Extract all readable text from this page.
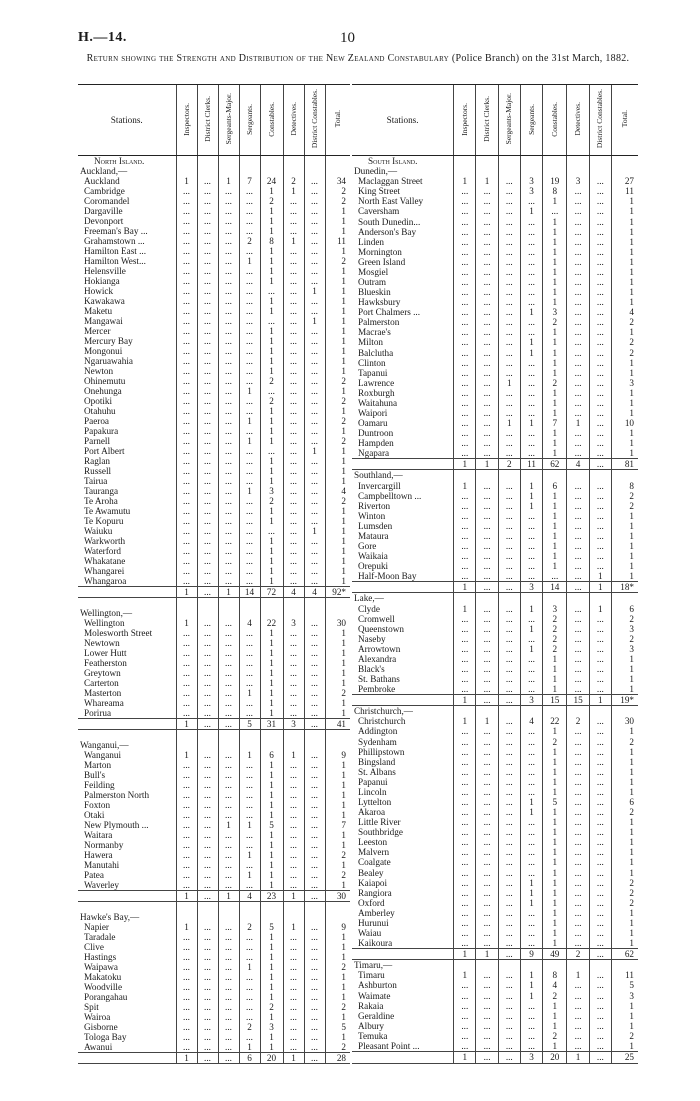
H.—14.	10
Return showing the Strength and Distribution of the New Zealand Constabulary (Police Branch) on the 31st March, 1882.
Stations.	Inspectors.	District Clerks.	Sergeants-Major.	Sergeants.	Constables.	Detectives.	District Constables.	Total.
North Island.								
Auckland,—								
Auckland	1	...	1	7	24	2	...	34
Cambridge	...	...	...	...	1	1	...	2
Coromandel	...	...	...	...	2	...	...	2
Dargaville	...	...	...	...	1	...	...	1
Devonport	...	...	...	...	1	...	...	1
Freeman's Bay ...	...	...	...	...	1	...	...	1
Grahamstown ...	...	...	...	2	8	1	...	11
Hamilton East ...	...	...	...	...	1	...	...	1
Hamilton West...	...	...	...	1	1	...	...	2
Helensville	...	...	...	...	1	...	...	1
Hokianga	...	...	...	...	1	...	...	1
Howick	...	...	...	...	...	...	1	1
Kawakawa	...	...	...	...	1	...	...	1
Maketu	...	...	...	...	1	...	...	1
Mangawai	...	...	...	...	...	...	1	1
Mercer	...	...	...	...	1	...	...	1
Mercury Bay	...	...	...	...	1	...	...	1
Mongonui	...	...	...	...	1	...	...	1
Ngaruawahia	...	...	...	...	1	...	...	1
Newton	...	...	...	...	1	...	...	1
Ohinemutu	...	...	...	...	2	...	...	2
Onehunga	...	...	...	1	...	...	...	1
Opotiki	...	...	...	...	2	...	...	2
Otahuhu	...	...	...	...	1	...	...	1
Paeroa	...	...	...	1	1	...	...	2
Papakura	...	...	...	...	1	...	...	1
Parnell	...	...	...	1	1	...	...	2
Port Albert	...	...	...	...	...	...	1	1
Raglan	...	...	...	...	1	...	...	1
Russell	...	...	...	...	1	...	...	1
Tairua	...	...	...	...	1	...	...	1
Tauranga	...	...	...	1	3	...	...	4
Te Aroha	...	...	...	...	2	...	...	2
Te Awamutu	...	...	...	...	1	...	...	1
Te Kopuru	...	...	...	...	1	...	...	1
Waiuku	...	...	...	...	...	...	1	1
Warkworth	...	...	...	...	1	...	...	1
Waterford	...	...	...	...	1	...	...	1
Whakatane	...	...	...	...	1	...	...	1
Whangarei	...	...	...	...	1	...	...	1
Whangaroa	...	...	...	...	1	...	...	1
	1	...	1	14	72	4	4	92*

Wellington,—								
Wellington	1	...	...	4	22	3	...	30
Molesworth Street	...	...	...	...	1	...	...	1
Newtown	...	...	...	...	1	...	...	1
Lower Hutt	...	...	...	...	1	...	...	1
Featherston	...	...	...	...	1	...	...	1
Greytown	...	...	...	...	1	...	...	1
Carterton	...	...	...	...	1	...	...	1
Masterton	...	...	...	1	1	...	...	2
Whareama	...	...	...	...	1	...	...	1
Porirua	...	...	...	...	1	...	...	1
	1	...	...	5	31	3	...	41

Wanganui,—								
Wanganui	1	...	...	1	6	1	...	9
Marton	...	...	...	...	1	...	...	1
Bull's	...	...	...	...	1	...	...	1
Feilding	...	...	...	...	1	...	...	1
Palmerston North	...	...	...	...	1	...	...	1
Foxton	...	...	...	...	1	...	...	1
Otaki	...	...	...	...	1	...	...	1
New Plymouth ...	...	...	1	1	5	...	...	7
Waitara	...	...	...	...	1	...	...	1
Normanby	...	...	...	...	1	...	...	1
Hawera	...	...	...	1	1	...	...	2
Manutahi	...	...	...	...	1	...	...	1
Patea	...	...	...	1	1	...	...	2
Waverley	...	...	...	...	1	...	...	1
	1	...	1	4	23	1	...	30

Hawke's Bay,—								
Napier	1	...	...	2	5	1	...	9
Taradale	...	...	...	...	1	...	...	1
Clive	...	...	...	...	1	...	...	1
Hastings	...	...	...	...	1	...	...	1
Waipawa	...	...	...	1	1	...	...	2
Makatoku	...	...	...	...	1	...	...	1
Woodville	...	...	...	...	1	...	...	1
Porangahau	...	...	...	...	1	...	...	1
Spit	...	...	...	...	2	...	...	2
Wairoa	...	...	...	...	1	...	...	1
Gisborne	...	...	...	2	3	...	...	5
Tologa Bay	...	...	...	...	1	...	...	1
Awanui	...	...	...	1	1	...	...	2
	1	...	...	6	20	1	...	28
Stations.	Inspectors.	District Clerks.	Sergeants-Major.	Sergeants.	Constables.	Detectives.	District Constables.	Total.
South Island.								
Dunedin,—								
Maclaggan Street	1	1	...	3	19	3	...	27
King Street	...	...	...	3	8	...	...	11
North East Valley	...	...	...	...	1	...	...	1
Caversham	...	...	...	1	...	...	...	1
South Dunedin...	...	...	...	...	1	...	...	1
Anderson's Bay	...	...	...	...	1	...	...	1
Linden	...	...	...	...	1	...	...	1
Mornington	...	...	...	...	1	...	...	1
Green Island	...	...	...	...	1	...	...	1
Mosgiel	...	...	...	...	1	...	...	1
Outram	...	...	...	...	1	...	...	1
Blueskin	...	...	...	...	1	...	...	1
Hawksbury	...	...	...	...	1	...	...	1
Port Chalmers ...	...	...	...	1	3	...	...	4
Palmerston	...	...	...	...	2	...	...	2
Macrae's	...	...	...	...	1	...	...	1
Milton	...	...	...	1	1	...	...	2
Balclutha	...	...	...	1	1	...	...	2
Clinton	...	...	...	...	1	...	...	1
Tapanui	...	...	...	...	1	...	...	1
Lawrence	...	...	1	...	2	...	...	3
Roxburgh	...	...	...	...	1	...	...	1
Waitahuna	...	...	...	...	1	...	...	1
Waipori	...	...	...	...	1	...	...	1
Oamaru	...	...	1	1	7	1	...	10
Duntroon	...	...	...	...	1	...	...	1
Hampden	...	...	...	...	1	...	...	1
Ngapara	...	...	...	...	1	...	...	1
	1	1	2	11	62	4	...	81
Southland,—								
Invercargill	1	...	...	1	6	...	...	8
Campbelltown ...	...	...	...	1	1	...	...	2
Riverton	...	...	...	1	1	...	...	2
Winton	...	...	...	...	1	...	...	1
Lumsden	...	...	...	...	1	...	...	1
Mataura	...	...	...	...	1	...	...	1
Gore	...	...	...	...	1	...	...	1
Waikaia	...	...	...	...	1	...	...	1
Orepuki	...	...	...	...	1	...	...	1
Half-Moon Bay	...	...	...	...	...	...	1	1
	1	...	...	3	14	...	1	18*
Lake,—								
Clyde	1	...	...	1	3	...	1	6
Cromwell	...	...	...	...	2	...	...	2
Queenstown	...	...	...	1	2	...	...	3
Naseby	...	...	...	...	2	...	...	2
Arrowtown	...	...	...	1	2	...	...	3
Alexandra	...	...	...	...	1	...	...	1
Black's	...	...	...	...	1	...	...	1
St. Bathans	...	...	...	...	1	...	...	1
Pembroke	...	...	...	...	1	...	...	1
	1	...	...	3	15	15	1	19*
Christchurch,—								
Christchurch	1	1	...	4	22	2	...	30
Addington	...	...	...	...	1	...	...	1
Sydenham	...	...	...	...	2	...	...	2
Phillipstown	...	...	...	...	1	...	...	1
Bingsland	...	...	...	...	1	...	...	1
St. Albans	...	...	...	...	1	...	...	1
Papanui	...	...	...	...	1	...	...	1
Lincoln	...	...	...	...	1	...	...	1
Lyttelton	...	...	...	1	5	...	...	6
Akaroa	...	...	...	1	1	...	...	2
Little River	...	...	...	...	1	...	...	1
Southbridge	...	...	...	...	1	...	...	1
Leeston	...	...	...	...	1	...	...	1
Malvern	...	...	...	...	1	...	...	1
Coalgate	...	...	...	...	1	...	...	1
Bealey	...	...	...	...	1	...	...	1
Kaiapoi	...	...	...	1	1	...	...	2
Rangiora	...	...	...	1	1	...	...	2
Oxford	...	...	...	1	1	...	...	2
Amberley	...	...	...	...	1	...	...	1
Hurunui	...	...	...	...	1	...	...	1
Waiau	...	...	...	...	1	...	...	1
Kaikoura	...	...	...	...	1	...	...	1
	1	1	...	9	49	2	...	62
Timaru,—								
Timaru	1	...	...	1	8	1	...	11
Ashburton	...	...	...	1	4	...	...	5
Waimate	...	...	...	1	2	...	...	3
Rakaia	...	...	...	...	1	...	...	1
Geraldine	...	...	...	...	1	...	...	1
Albury	...	...	...	...	1	...	...	1
Temuka	...	...	...	...	2	...	...	2
Pleasant Point ...	...	...	...	...	1	...	...	1
	1	...	...	3	20	1	...	25
